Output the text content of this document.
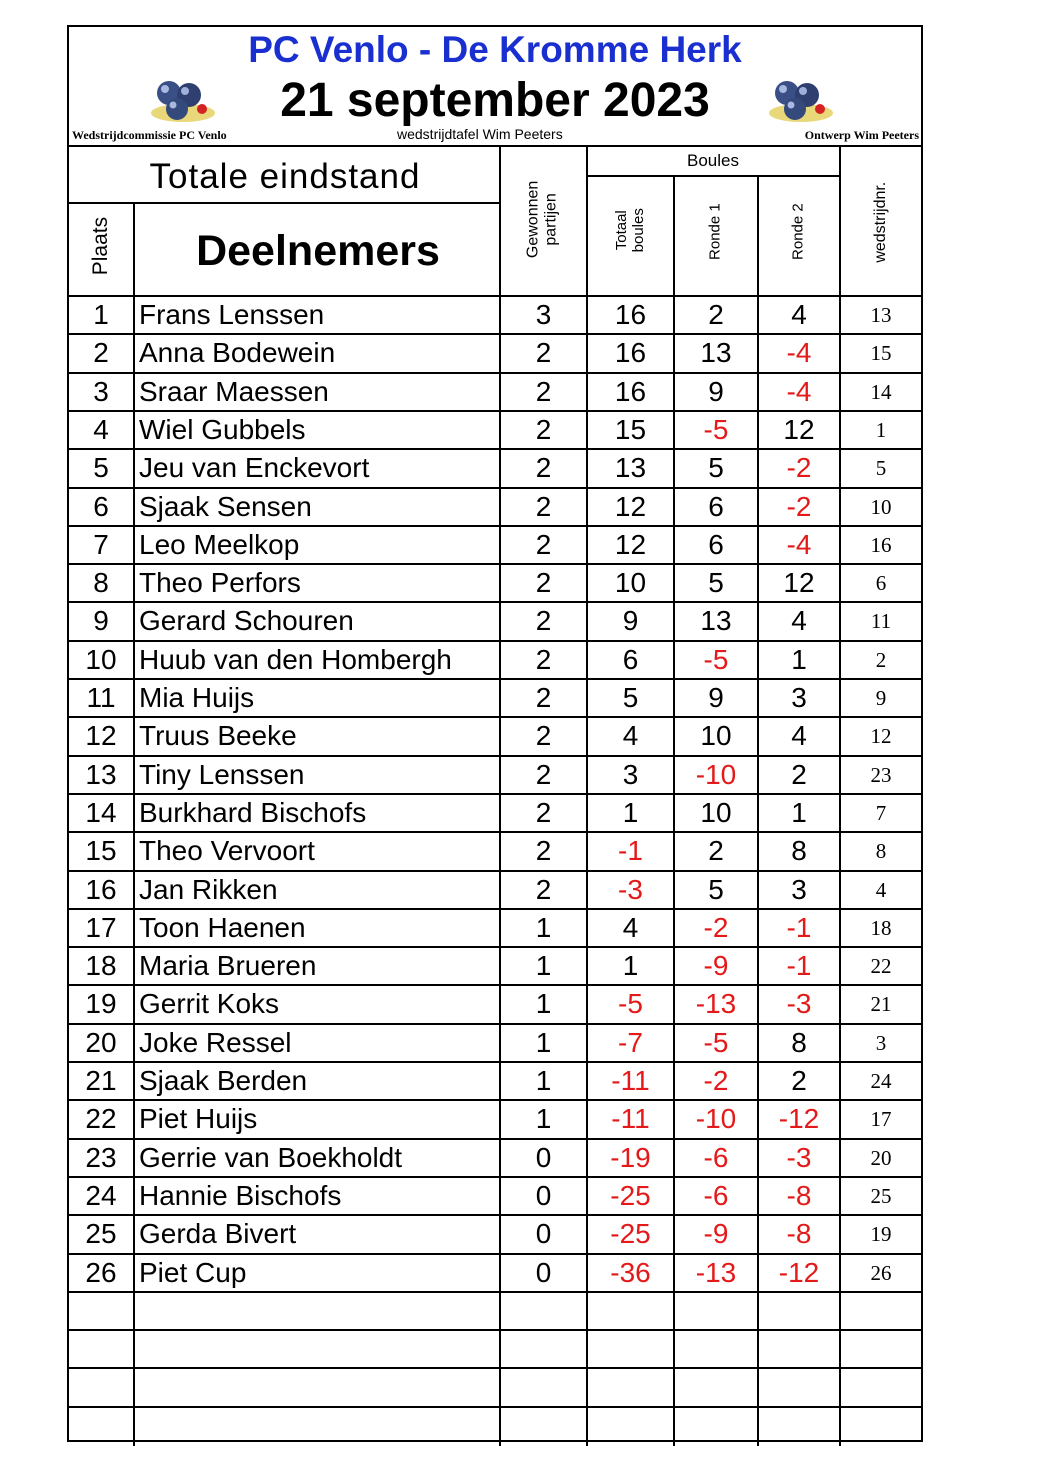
PC Venlo - De Kromme Herk
21 september 2023
Wedstrijdcommissie PC Venlo	wedstrijdtafel Wim Peeters	Ontwerp Wim Peeters
Totale eindstand
Deelnemers
Boules
Plaats	Gewonnen partijen	Totaal boules	Ronde 1	Ronde 2	wedstrijdnr.
1	Frans Lenssen	3	16	2	4	13
2	Anna Bodewein	2	16	13	-4	15
3	Sraar Maessen	2	16	9	-4	14
4	Wiel Gubbels	2	15	-5	12	1
5	Jeu van Enckevort	2	13	5	-2	5
6	Sjaak Sensen	2	12	6	-2	10
7	Leo Meelkop	2	12	6	-4	16
8	Theo Perfors	2	10	5	12	6
9	Gerard Schouren	2	9	13	4	11
10 Huub van den Hombergh	2	6	-5	1	2
11 Mia Huijs	2	5	9	3	9
12 Truus Beeke	2	4	10	4	12
13 Tiny Lenssen	2	3	-10	2	23
14 Burkhard Bischofs	2	1	10	1	7
15 Theo Vervoort	2	-1	2	8	8
16 Jan Rikken	2	-3	5	3	4
17 Toon Haenen	1	4	-2	-1	18
18 Maria Brueren	1	1	-9	-1	22
19 Gerrit Koks	1	-5	-13	-3	21
20 Joke Ressel	1	-7	-5	8	3
21 Sjaak Berden	1	-11	-2	2	24
22 Piet Huijs	1	-11	-10	-12	17
23 Gerrie van Boekholdt	0	-19	-6	-3	20
24 Hannie Bischofs	0	-25	-6	-8	25
25 Gerda Bivert	0	-25	-9	-8	19
26 Piet Cup	0	-36	-13	-12	26
